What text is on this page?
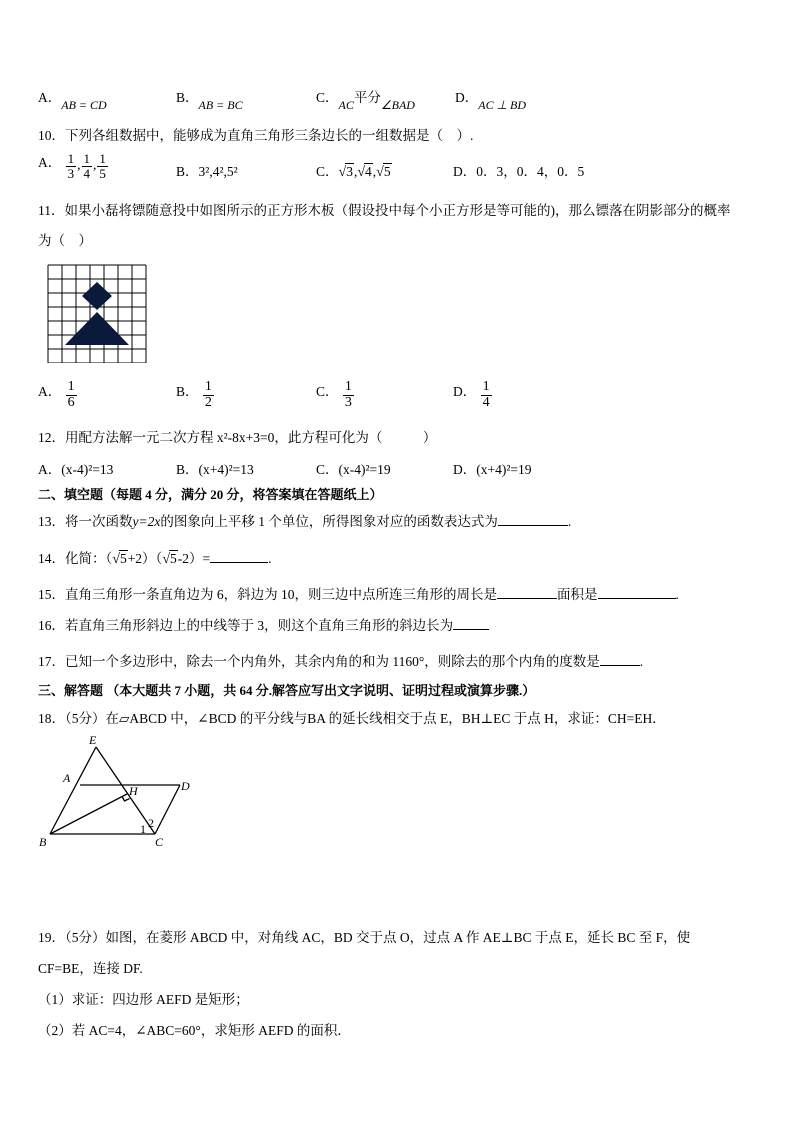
A．AB = CD	B．AB = BC	C．AC平分∠BAD	D．AC ⊥ BD
10．下列各组数据中，能够成为直角三角形三条边长的一组数据是（　）.
A． $\frac{1}{3}$ , $\frac{1}{4}$ , $\frac{1}{5}$	B．3²,4²,5²	C．√3,√4,√5	D．0．3，0．4，0．5
11．如果小磊将镖随意投中如图所示的正方形木板（假设投中每个小正方形是等可能的)，那么镖落在阴影部分的概率
为（　）
A． $\frac{1}{6}$	B． $\frac{1}{2}$	C． $\frac{1}{3}$	D． $\frac{1}{4}$
12．用配方法解一元二次方程 x²-8x+3=0，此方程可化为（　　　）
A．(x-4)²=13	B．(x+4)²=13	C．(x-4)²=19	D．(x+4)²=19
二、填空题（每题 4 分，满分 20 分，将答案填在答题纸上）
13．将一次函数y=2x的图象向上平移 1 个单位，所得图象对应的函数表达式为	.
14．化简：（√5+2）（√5-2）=	.
15．直角三角形一条直角边为 6，斜边为 10，则三边中点所连三角形的周长是	面积是	.
16．若直角三角形斜边上的中线等于 3，则这个直角三角形的斜边长为
17．已知一个多边形中，除去一个内角外，其余内角的和为 1160°，则除去的那个内角的度数是	.
三、解答题 （本大题共 7 小题，共 64 分.解答应写出文字说明、证明过程或演算步骤.）
18．（5分）在▱ABCD 中，∠BCD 的平分线与BA 的延长线相交于点 E，BH⊥EC 于点 H，求证：CH=EH．
E
A
H	D
B	C
1 2
19．（5分）如图，在菱形 ABCD 中，对角线 AC，BD 交于点 O，过点 A 作 AE⊥BC 于点 E，延长 BC 至 F，使
CF=BE，连接 DF.
（1）求证：四边形 AEFD 是矩形；
（2）若 AC=4，∠ABC=60°，求矩形 AEFD 的面积．
